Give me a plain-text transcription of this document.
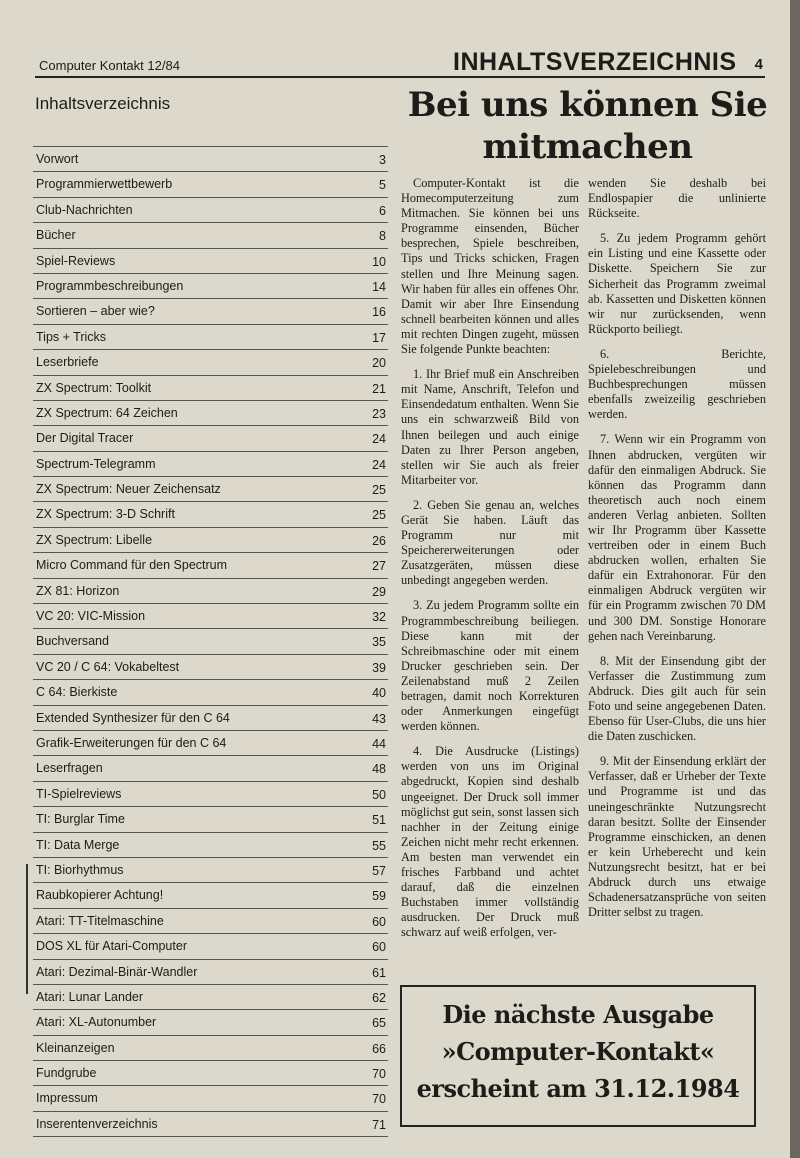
Computer Kontakt 12/84	INHALTSVERZEICHNIS 4
Inhaltsverzeichnis
Vorwort	3
Programmierwettbewerb	5
Club-Nachrichten	6
Bücher	8
Spiel-Reviews	10
Programmbeschreibungen	14
Sortieren – aber wie?	16
Tips + Tricks	17
Leserbriefe	20
ZX Spectrum: Toolkit	21
ZX Spectrum: 64 Zeichen	23
Der Digital Tracer	24
Spectrum-Telegramm	24
ZX Spectrum: Neuer Zeichensatz	25
ZX Spectrum: 3-D Schrift	25
ZX Spectrum: Libelle	26
Micro Command für den Spectrum	27
ZX 81: Horizon	29
VC 20: VIC-Mission	32
Buchversand	35
VC 20 / C 64: Vokabeltest	39
C 64: Bierkiste	40
Extended Synthesizer für den C 64	43
Grafik-Erweiterungen für den C 64	44
Leserfragen	48
TI-Spielreviews	50
TI: Burglar Time	51
TI: Data Merge	55
TI: Biorhythmus	57
Raubkopierer Achtung!	59
Atari: TT-Titelmaschine	60
DOS XL für Atari-Computer	60
Atari: Dezimal-Binär-Wandler	61
Atari: Lunar Lander	62
Atari: XL-Autonumber	65
Kleinanzeigen	66
Fundgrube	70
Impressum	70
Inserentenverzeichnis	71
Bei uns können Sie
mitmachen

Computer-Kontakt ist die Homecomputerzeitung zum Mitmachen. Sie können bei uns Programme einsenden, Bücher besprechen, Spiele beschreiben, Tips und Tricks schicken, Fragen stellen und Ihre Meinung sagen. Wir haben für alles ein offenes Ohr. Damit wir aber Ihre Einsendung schnell bearbeiten können und alles mit rechten Dingen zugeht, müssen Sie folgende Punkte beachten:

1. Ihr Brief muß ein Anschreiben mit Name, Anschrift, Telefon und Einsendedatum enthalten. Wenn Sie uns ein schwarzweiß Bild von Ihnen beilegen und auch einige Daten zu Ihrer Person angeben, stellen wir Sie auch als freier Mitarbeiter vor.

2. Geben Sie genau an, welches Gerät Sie haben. Läuft das Programm nur mit Speichererweiterungen oder Zusatzgeräten, müssen diese unbedingt angegeben werden.

3. Zu jedem Programm sollte ein Programmbeschreibung beiliegen. Diese kann mit der Schreibmaschine oder mit einem Drucker geschrieben sein. Der Zeilenabstand muß 2 Zeilen betragen, damit noch Korrekturen oder Anmerkungen eingefügt werden können.

4. Die Ausdrucke (Listings) werden von uns im Original abgedruckt, Kopien sind deshalb ungeeignet. Der Druck soll immer möglichst gut sein, sonst lassen sich nachher in der Zeitung einige Zeichen nicht mehr recht erkennen. Am besten man verwendet ein frisches Farbband und achtet darauf, daß die einzelnen Buchstaben immer vollständig ausdrucken. Der Druck muß schwarz auf weiß erfolgen, ver-

wenden Sie deshalb bei Endlospapier die unlinierte Rückseite.

5. Zu jedem Programm gehört ein Listing und eine Kassette oder Diskette. Speichern Sie zur Sicherheit das Programm zweimal ab. Kassetten und Disketten können wir nur zurücksenden, wenn Rückporto beiliegt.

6. Berichte, Spielebeschreibungen und Buchbesprechungen müssen ebenfalls zweizeilig geschrieben werden.

7. Wenn wir ein Programm von Ihnen abdrucken, vergüten wir dafür den einmaligen Abdruck. Sie können das Programm dann theoretisch auch noch einem anderen Verlag anbieten. Sollten wir Ihr Programm über Kassette vertreiben oder in einem Buch abdrucken wollen, erhalten Sie dafür ein Extrahonorar. Für den einmaligen Abdruck vergüten wir für ein Programm zwischen 70 DM und 300 DM. Sonstige Honorare gehen nach Vereinbarung.

8. Mit der Einsendung gibt der Verfasser die Zustimmung zum Abdruck. Dies gilt auch für sein Foto und seine angegebenen Daten. Ebenso für User-Clubs, die uns hier die Daten zuschicken.

9. Mit der Einsendung erklärt der Verfasser, daß er Urheber der Texte und Programme ist und das uneingeschränkte Nutzungsrecht daran besitzt. Sollte der Einsender Programme einschicken, an denen er kein Urheberecht und kein Nutzungsrecht besitzt, hat er bei Abdruck durch uns etwaige Schadenersatzansprüche von seiten Dritter selbst zu tragen.

Die nächste Ausgabe
»Computer-Kontakt«
erscheint am 31.12.1984
